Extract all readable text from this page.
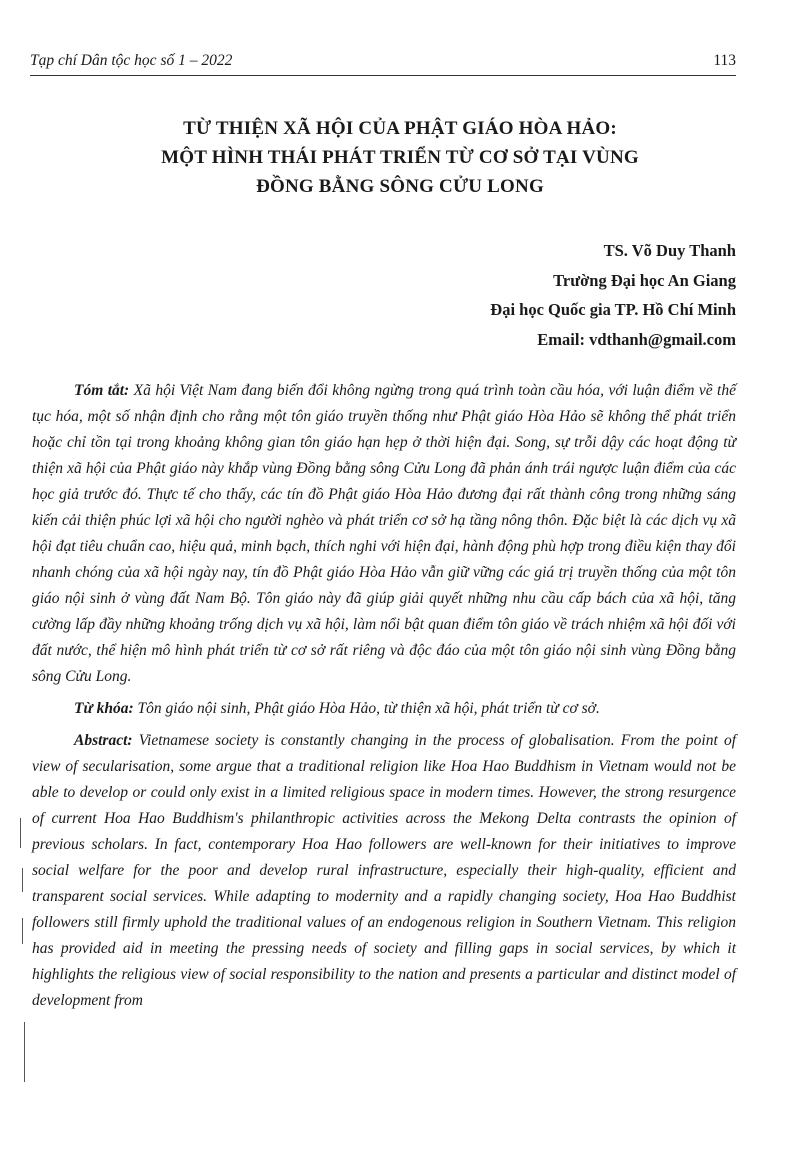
Tạp chí Dân tộc học số 1 – 2022	113
TỪ THIỆN XÃ HỘI CỦA PHẬT GIÁO HÒA HẢO:
MỘT HÌNH THÁI PHÁT TRIỂN TỪ CƠ SỞ TẠI VÙNG
ĐỒNG BẰNG SÔNG CỬU LONG
TS. Võ Duy Thanh
Trường Đại học An Giang
Đại học Quốc gia TP. Hồ Chí Minh
Email: vdthanh@gmail.com

Tóm tắt: Xã hội Việt Nam đang biến đổi không ngừng trong quá trình toàn cầu hóa, với luận điểm về thế tục hóa, một số nhận định cho rằng một tôn giáo truyền thống như Phật giáo Hòa Hảo sẽ không thể phát triển hoặc chỉ tồn tại trong khoảng không gian tôn giáo hạn hẹp ở thời hiện đại. Song, sự trỗi dậy các hoạt động từ thiện xã hội của Phật giáo này khắp vùng Đồng bằng sông Cửu Long đã phản ánh trái ngược luận điểm của các học giả trước đó. Thực tế cho thấy, các tín đồ Phật giáo Hòa Hảo đương đại rất thành công trong những sáng kiến cải thiện phúc lợi xã hội cho người nghèo và phát triển cơ sở hạ tầng nông thôn. Đặc biệt là các dịch vụ xã hội đạt tiêu chuẩn cao, hiệu quả, minh bạch, thích nghi với hiện đại, hành động phù hợp trong điều kiện thay đổi nhanh chóng của xã hội ngày nay, tín đồ Phật giáo Hòa Hảo vẫn giữ vững các giá trị truyền thống của một tôn giáo nội sinh ở vùng đất Nam Bộ. Tôn giáo này đã giúp giải quyết những nhu cầu cấp bách của xã hội, tăng cường lấp đầy những khoảng trống dịch vụ xã hội, làm nổi bật quan điểm tôn giáo về trách nhiệm xã hội đối với đất nước, thể hiện mô hình phát triển từ cơ sở rất riêng và độc đáo của một tôn giáo nội sinh vùng Đồng bằng sông Cửu Long.

Từ khóa: Tôn giáo nội sinh, Phật giáo Hòa Hảo, từ thiện xã hội, phát triển từ cơ sở.

Abstract: Vietnamese society is constantly changing in the process of globalisation. From the point of view of secularisation, some argue that a traditional religion like Hoa Hao Buddhism in Vietnam would not be able to develop or could only exist in a limited religious space in modern times. However, the strong resurgence of current Hoa Hao Buddhism's philanthropic activities across the Mekong Delta contrasts the opinion of previous scholars. In fact, contemporary Hoa Hao followers are well-known for their initiatives to improve social welfare for the poor and develop rural infrastructure, especially their high-quality, efficient and transparent social services. While adapting to modernity and a rapidly changing society, Hoa Hao Buddhist followers still firmly uphold the traditional values of an endogenous religion in Southern Vietnam. This religion has provided aid in meeting the pressing needs of society and filling gaps in social services, by which it highlights the religious view of social responsibility to the nation and presents a particular and distinct model of development from
